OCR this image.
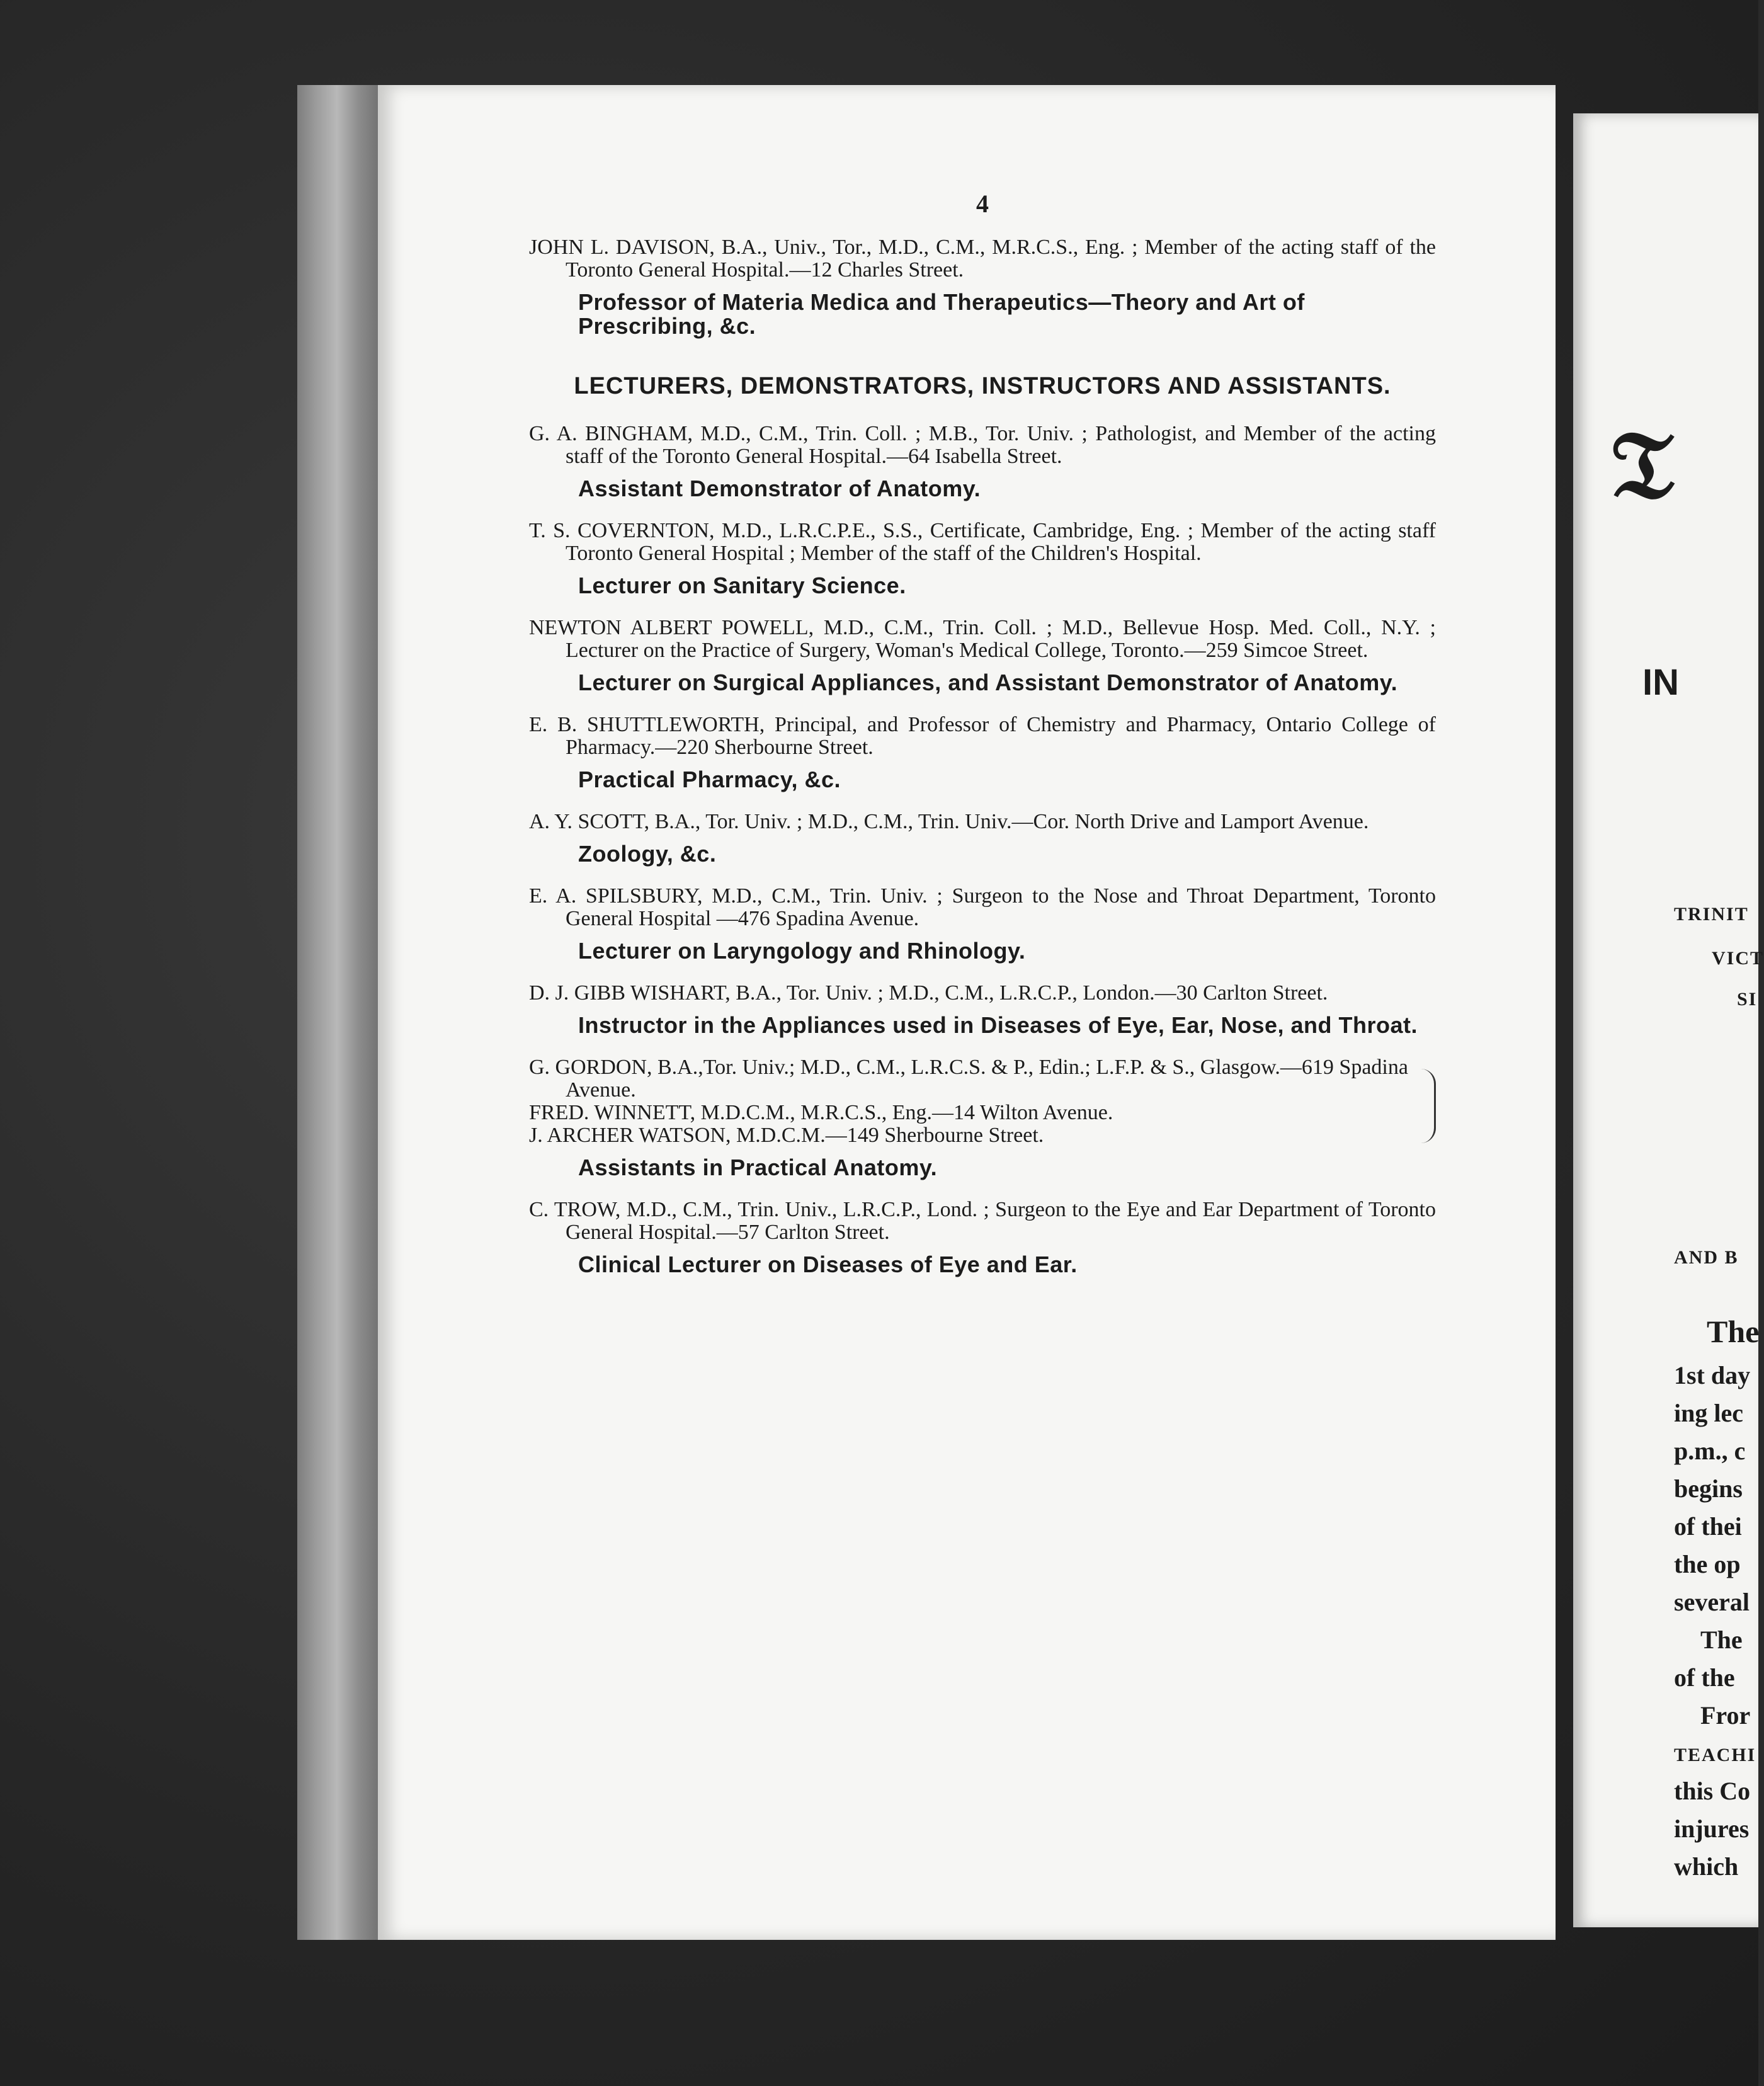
4

JOHN L. DAVISON, B.A., Univ., Tor., M.D., C.M., M.R.C.S., Eng. ; Member of the acting staff of the Toronto General Hospital.—12 Charles Street.

Professor of Materia Medica and Therapeutics—Theory and Art of Prescribing, &c.

LECTURERS, DEMONSTRATORS, INSTRUCTORS AND ASSISTANTS.

G. A. BINGHAM, M.D., C.M., Trin. Coll. ; M.B., Tor. Univ. ; Pathologist, and Member of the acting staff of the Toronto General Hospital.—64 Isabella Street.

Assistant Demonstrator of Anatomy.

T. S. COVERNTON, M.D., L.R.C.P.E., S.S., Certificate, Cambridge, Eng. ; Member of the acting staff Toronto General Hospital ; Member of the staff of the Children's Hospital.

Lecturer on Sanitary Science.

NEWTON ALBERT POWELL, M.D., C.M., Trin. Coll. ; M.D., Bellevue Hosp. Med. Coll., N.Y. ; Lecturer on the Practice of Surgery, Woman's Medical College, Toronto.—259 Simcoe Street.

Lecturer on Surgical Appliances, and Assistant Demonstrator of Anatomy.

E. B. SHUTTLEWORTH, Principal, and Professor of Chemistry and Pharmacy, Ontario College of Pharmacy.—220 Sherbourne Street.

Practical Pharmacy, &c.

A. Y. SCOTT, B.A., Tor. Univ. ; M.D., C.M., Trin. Univ.—Cor. North Drive and Lamport Avenue.

Zoology, &c.

E. A. SPILSBURY, M.D., C.M., Trin. Univ. ; Surgeon to the Nose and Throat Department, Toronto General Hospital —476 Spadina Avenue.

Lecturer on Laryngology and Rhinology.

D. J. GIBB WISHART, B.A., Tor. Univ. ; M.D., C.M., L.R.C.P., London.—30 Carlton Street.

Instructor in the Appliances used in Diseases of Eye, Ear, Nose, and Throat.

G. GORDON, B.A.,Tor. Univ.; M.D., C.M., L.R.C.S. & P., Edin.; L.F.P. & S., Glasgow.—619 Spadina Avenue.

FRED. WINNETT, M.D.C.M., M.R.C.S., Eng.—14 Wilton Avenue.

J. ARCHER WATSON, M.D.C.M.—149 Sherbourne Street.

Assistants in Practical Anatomy.

C. TROW, M.D., C.M., Trin. Univ., L.R.C.P., Lond. ; Surgeon to the Eye and Ear Department of Toronto General Hospital.—57 Carlton Street.

Clinical Lecturer on Diseases of Eye and Ear.

𝔗
IN
TRINIT
VICT
SI
AND B
The
1st day
ing lec
p.m., c
begins
of thei
the op
several
The
of the
Fror
TEACHI
this Co
injures
which
